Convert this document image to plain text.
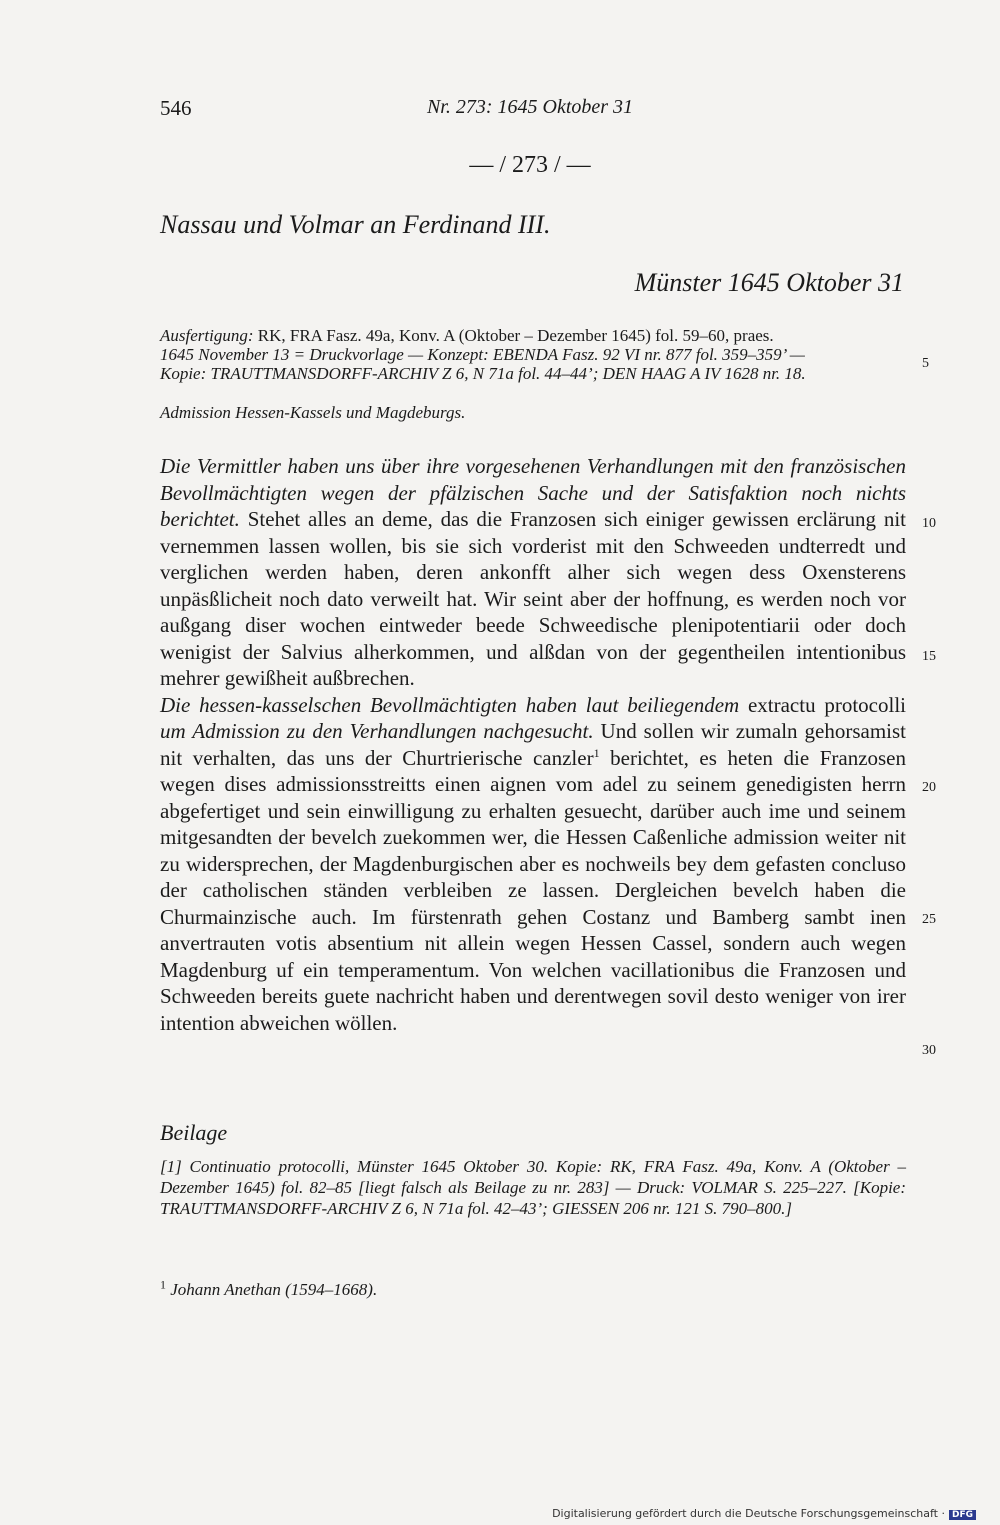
546	Nr. 273: 1645 Oktober 31
— / 273 / —
Nassau und Volmar an Ferdinand III.
Münster 1645 Oktober 31

Ausfertigung: RK, FRA Fasz. 49a, Konv. A (Oktober – Dezember 1645) fol. 59–60, praes.

1645 November 13 = Druckvorlage — Konzept: EBENDA Fasz. 92 VI nr. 877 fol. 359–359’ —

Kopie: TRAUTTMANSDORFF-ARCHIV Z 6, N 71a fol. 44–44’; DEN HAAG A IV 1628 nr. 18.

Admission Hessen-Kassels und Magdeburgs.

Die Vermittler haben uns über ihre vorgesehenen Verhandlungen mit den französischen Bevollmächtigten wegen der pfälzischen Sache und der Satisfaktion noch nichts berichtet. Stehet alles an deme, das die Franzosen sich einiger gewissen erclärung nit vernemmen lassen wollen, bis sie sich vorderist mit den Schweeden undterredt und verglichen werden haben, deren ankonfft alher sich wegen dess Oxensterens unpäsßlicheit noch dato verweilt hat. Wir seint aber der hoffnung, es werden noch vor außgang diser wochen eintweder beede Schweedische plenipotentiarii oder doch wenigist der Salvius alherkommen, und alßdan von der gegentheilen intentionibus mehrer gewißheit außbrechen.

Die hessen-kasselschen Bevollmächtigten haben laut beiliegendem extractu protocolli um Admission zu den Verhandlungen nachgesucht. Und sollen wir zumaln gehorsamist nit verhalten, das uns der Churtrierische canzler$^1$ berichtet, es heten die Franzosen wegen dises admissionsstreitts einen aignen vom adel zu seinem genedigisten herrn abgefertiget und sein einwilligung zu erhalten gesuecht, darüber auch ime und seinem mitgesandten der bevelch zuekommen wer, die Hessen Caßenliche admission weiter nit zu widersprechen, der Magdenburgischen aber es nochweils bey dem gefasten concluso der catholischen ständen verbleiben ze lassen. Dergleichen bevelch haben die Churmainzische auch. Im fürstenrath gehen Costanz und Bamberg sambt inen anvertrauten votis absentium nit allein wegen Hessen Cassel, sondern auch wegen Magdenburg uf ein temperamentum. Von welchen vacillationibus die Franzosen und Schweeden bereits guete nachricht haben und derentwegen sovil desto weniger von irer intention abweichen wöllen.

5
10
15
20
25
30
Beilage

[1] Continuatio protocolli, Münster 1645 Oktober 30. Kopie: RK, FRA Fasz. 49a, Konv. A (Oktober – Dezember 1645) fol. 82–85 [liegt falsch als Beilage zu nr. 283] — Druck: VOLMAR S. 225–227. [Kopie: TRAUTTMANSDORFF-ARCHIV Z 6, N 71a fol. 42–43’; GIESSEN 206 nr. 121 S. 790–800.]

$^1$ Johann Anethan (1594–1668).
Digitalisierung gefördert durch die Deutsche Forschungsgemeinschaft · DFG
